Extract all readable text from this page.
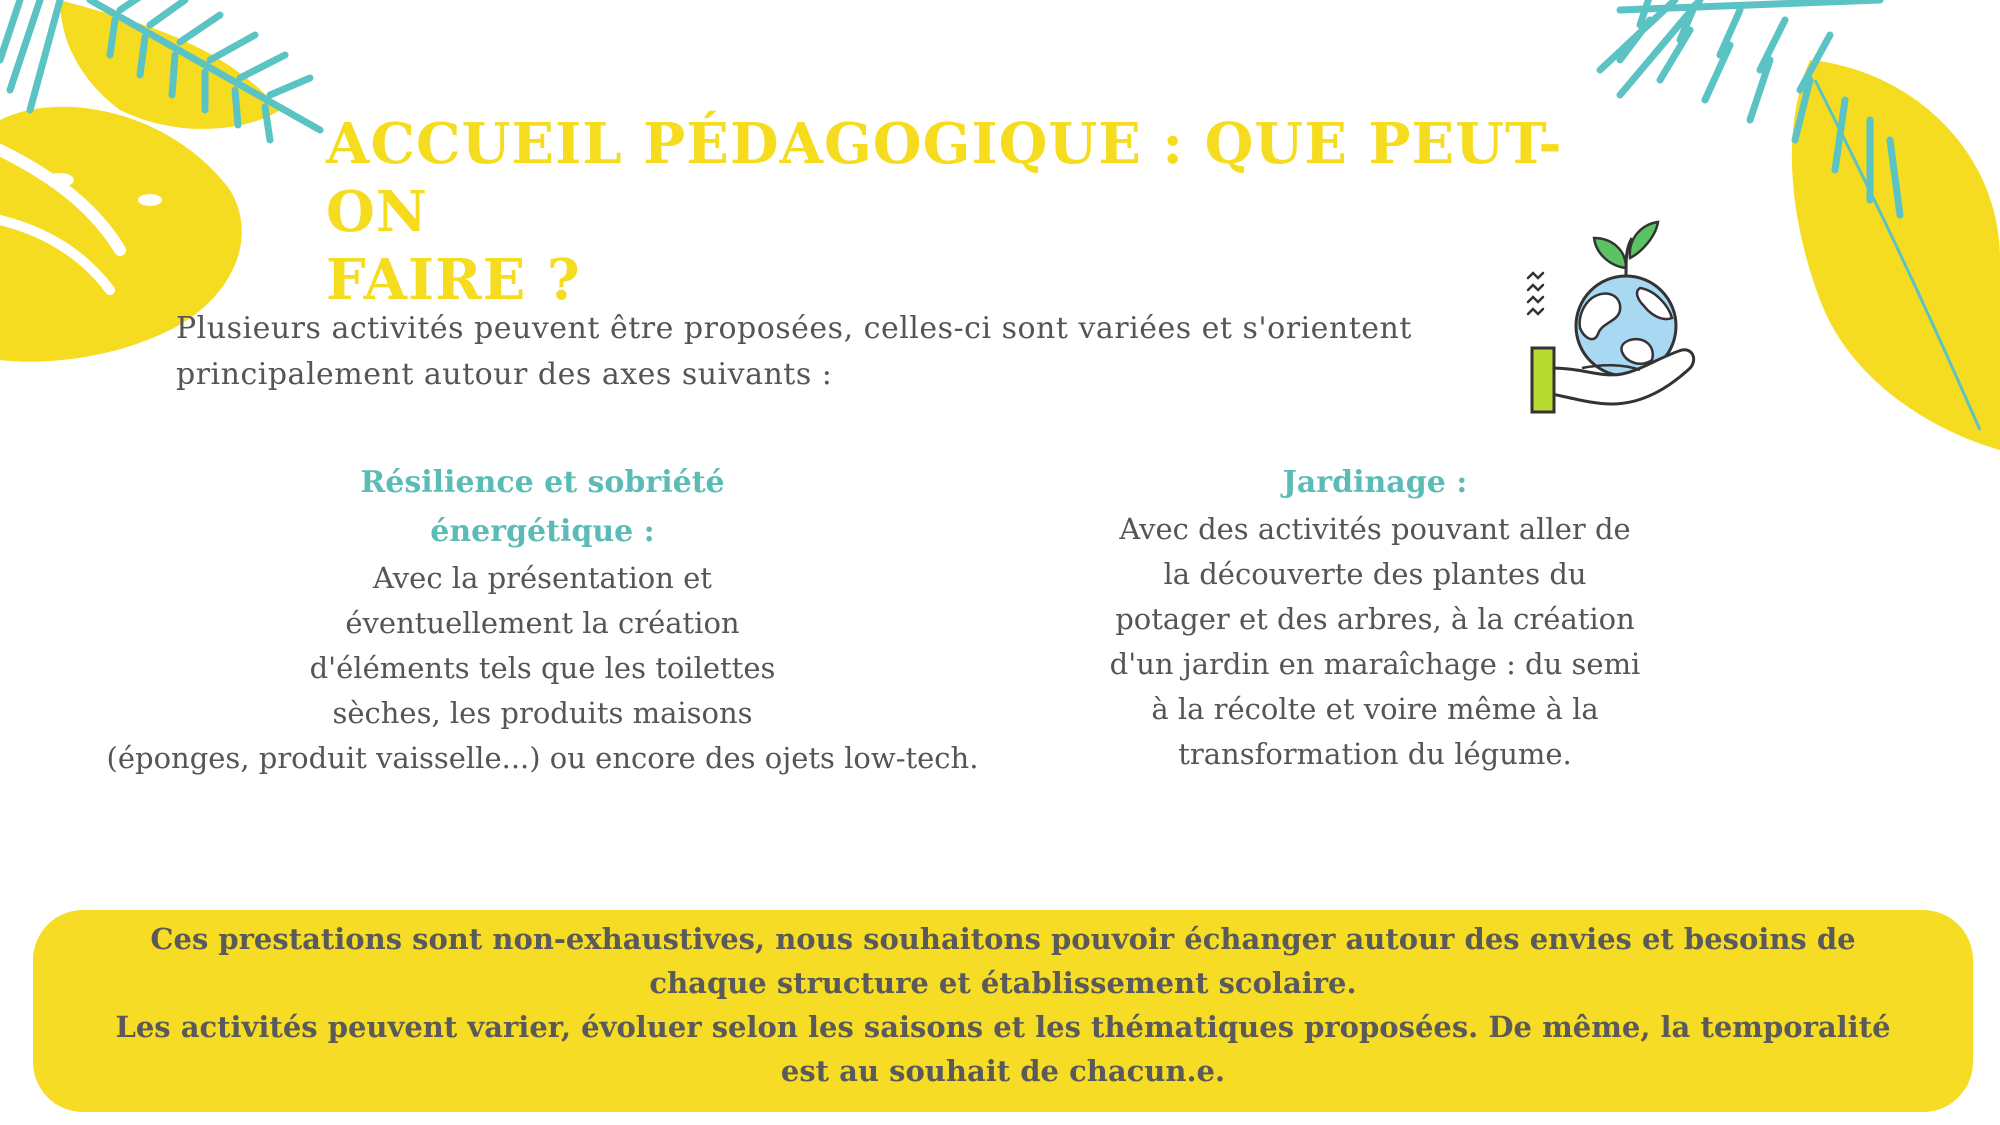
ACCUEIL PÉDAGOGIQUE : QUE PEUT-ON
FAIRE ?
Plusieurs activités peuvent être proposées, celles-ci sont variées et s'orientent
principalement autour des axes suivants :
Résilience et sobriété
énergétique :
Avec la présentation et
éventuellement la création
d'éléments tels que les toilettes
sèches, les produits maisons
(éponges, produit vaisselle...) ou encore des ojets low-tech.
Jardinage :
Avec des activités pouvant aller de
la découverte des plantes du
potager et des arbres, à la création
d'un jardin en maraîchage : du semi
à la récolte et voire même à la
transformation du légume.
Ces prestations sont non-exhaustives, nous souhaitons pouvoir échanger autour des envies et besoins de
chaque structure et établissement scolaire.
Les activités peuvent varier, évoluer selon les saisons et les thématiques proposées. De même, la temporalité
est au souhait de chacun.e.
